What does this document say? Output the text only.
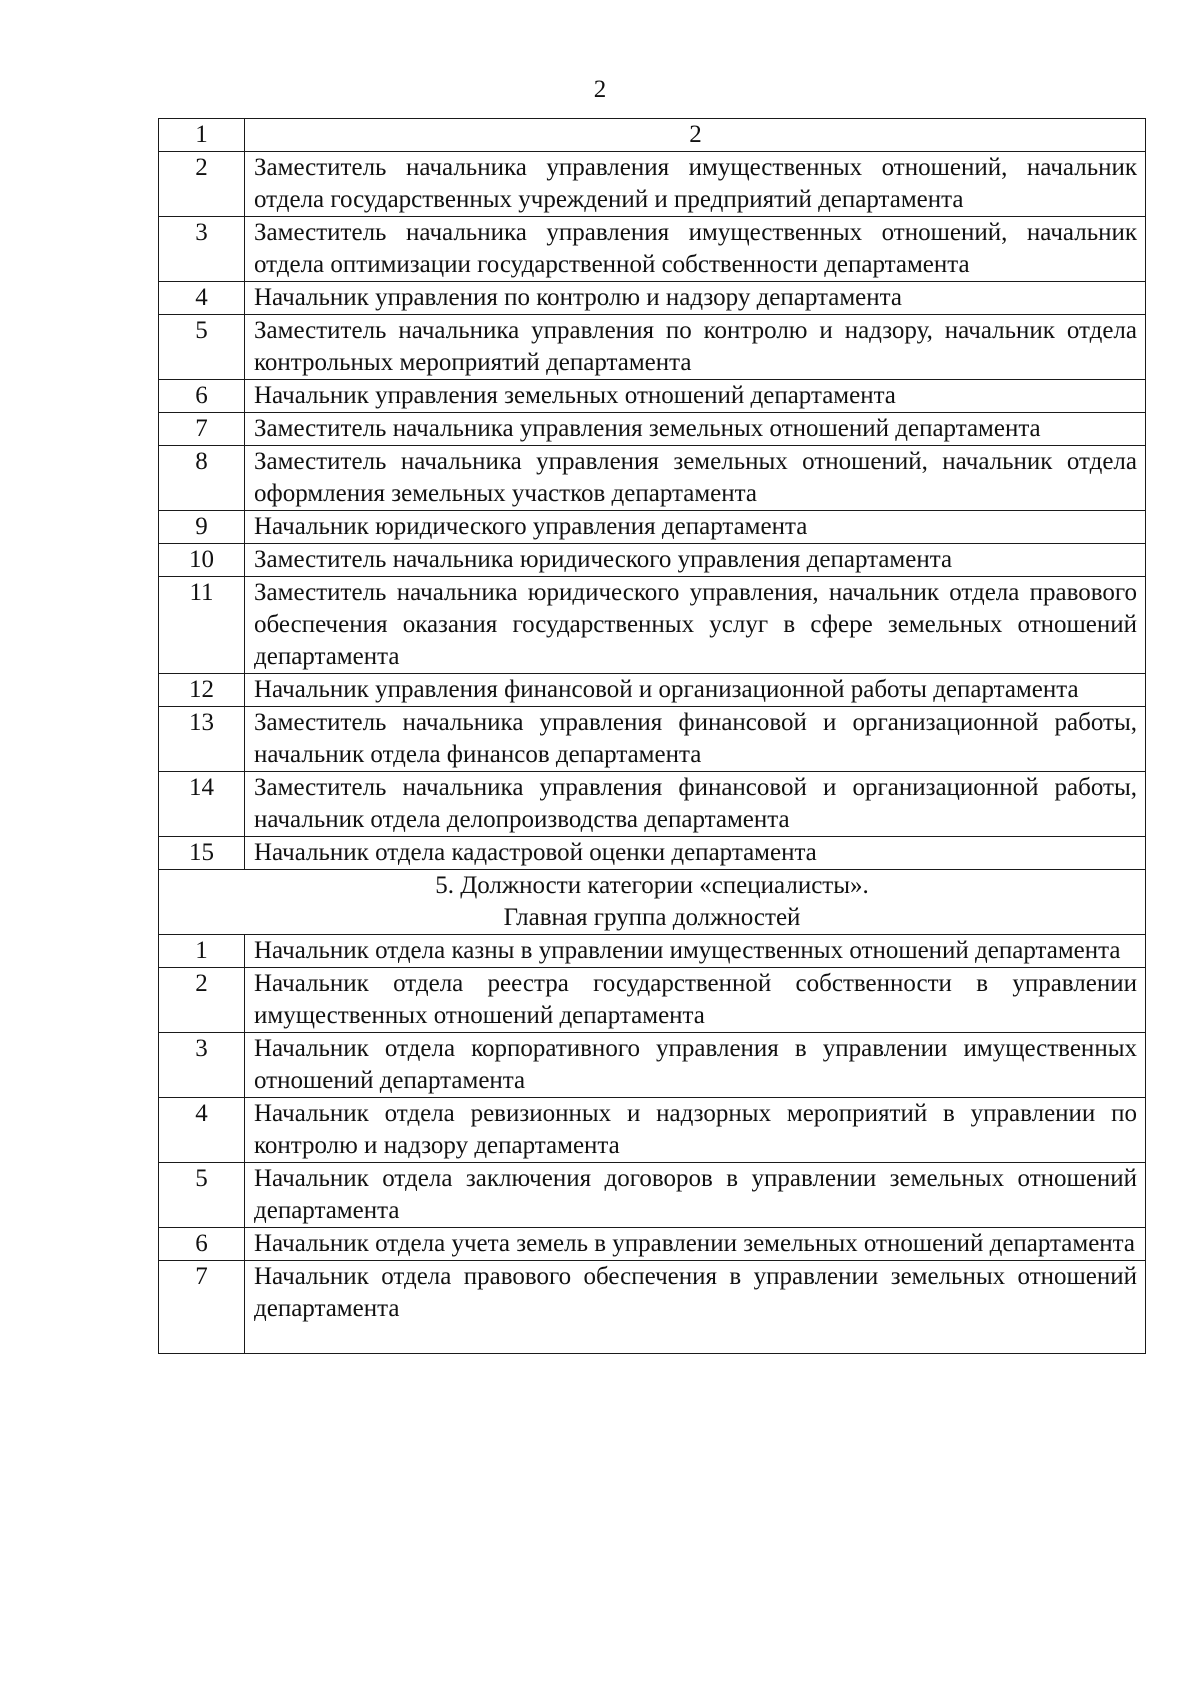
2
1	2
2	Заместитель начальника управления имущественных отношений, начальник отдела государственных учреждений и предприятий департамента
3	Заместитель начальника управления имущественных отношений, начальник отдела оптимизации государственной собственности департамента
4	Начальник управления по контролю и надзору департамента
5	Заместитель начальника управления по контролю и надзору, начальник отдела контрольных мероприятий департамента
6	Начальник управления земельных отношений департамента
7	Заместитель начальника управления земельных отношений департамента
8	Заместитель начальника управления земельных отношений, начальник отдела оформления земельных участков департамента
9	Начальник юридического управления департамента
10	Заместитель начальника юридического управления департамента
11	Заместитель начальника юридического управления, начальник отдела правового обеспечения оказания государственных услуг в сфере земельных отношений департамента
12	Начальник управления финансовой и организационной работы департамента
13	Заместитель начальника управления финансовой и организационной работы, начальник отдела финансов департамента
14	Заместитель начальника управления финансовой и организационной работы, начальник отдела делопроизводства департамента
15	Начальник отдела кадастровой оценки департамента

5. Должности категории «специалисты».
Главная группа должностей	

1	Начальник отдела казны в управлении имущественных отношений департамента
2	Начальник отдела реестра государственной собственности в управлении имущественных отношений департамента
3	Начальник отдела корпоративного управления в управлении имущественных отношений департамента
4	Начальник отдела ревизионных и надзорных мероприятий в управлении по контролю и надзору департамента
5	Начальник отдела заключения договоров в управлении земельных отношений департамента
6	Начальник отдела учета земель в управлении земельных отношений департамента
7	Начальник отдела правового обеспечения в управлении земельных отношений департамента
